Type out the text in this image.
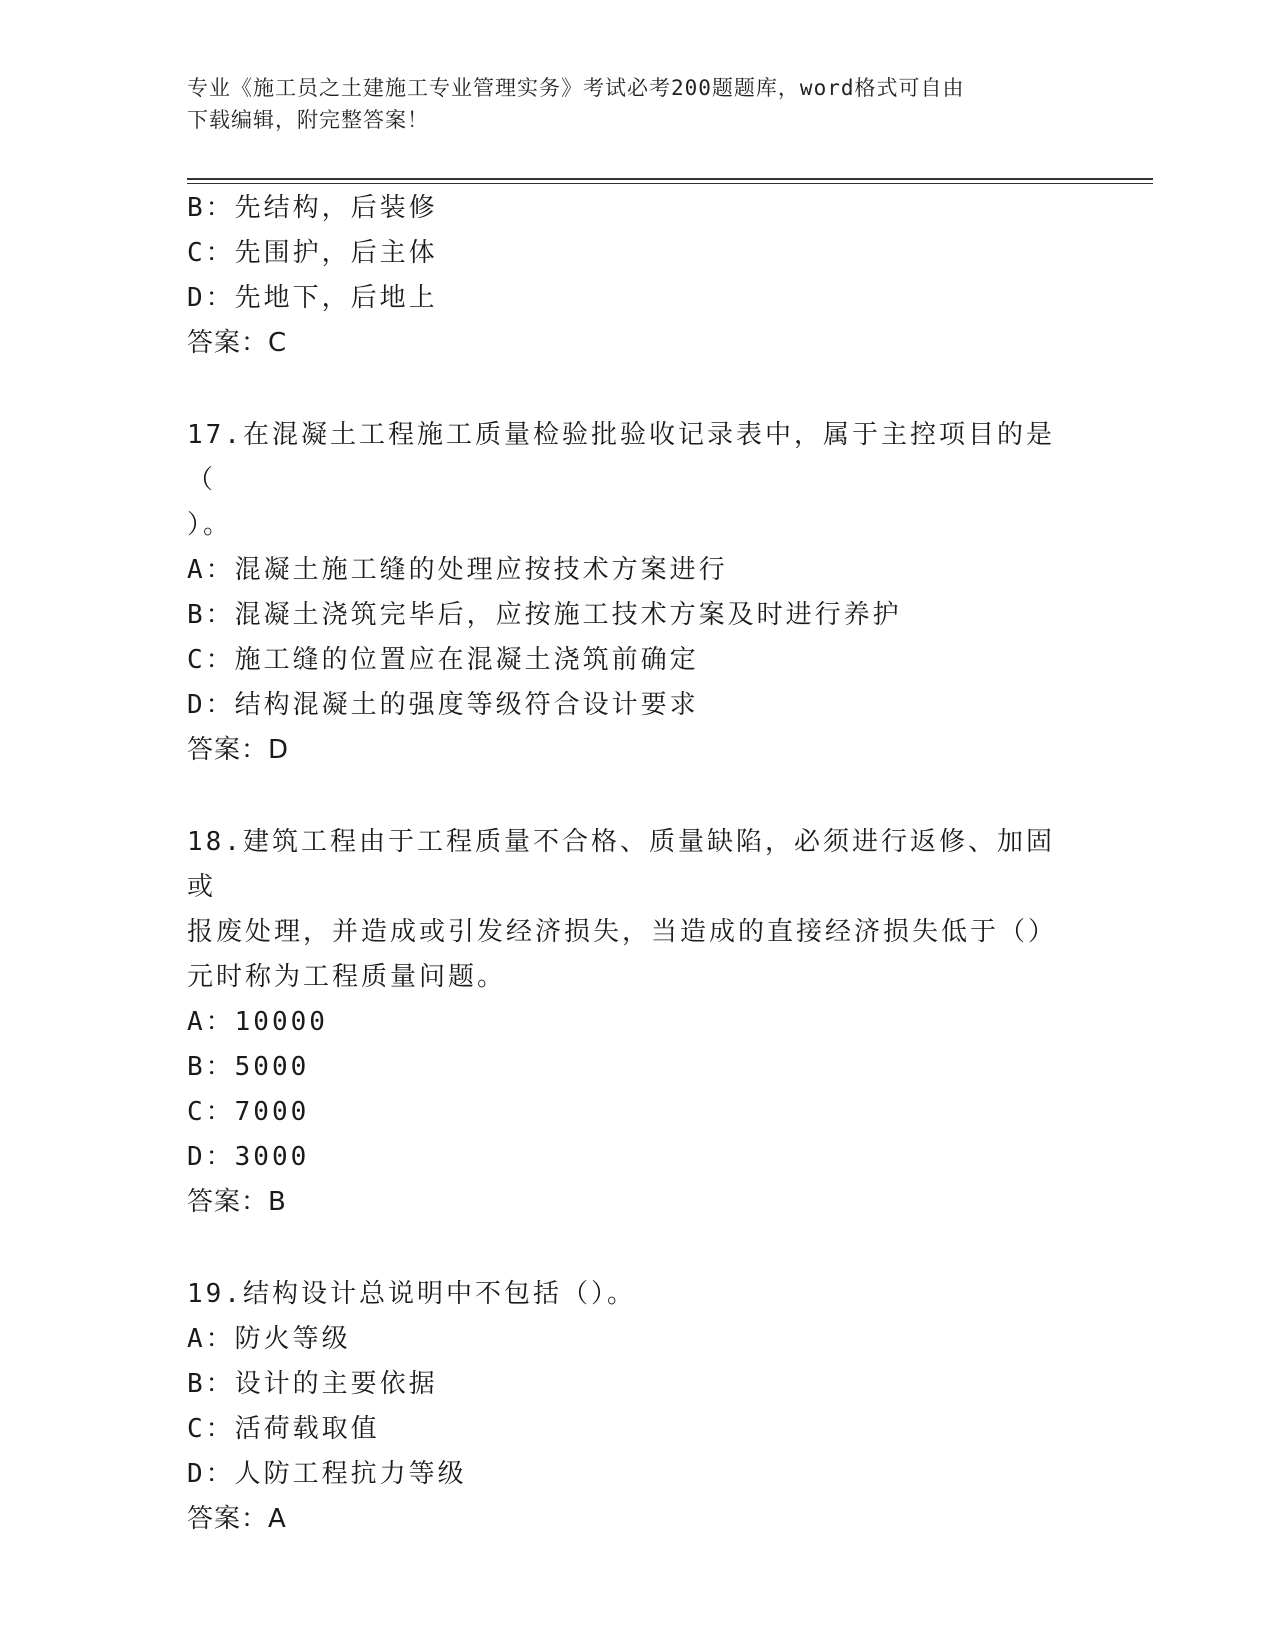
专业《施工员之土建施工专业管理实务》考试必考200题题库，word格式可自由
下载编辑，附完整答案！
B：先结构，后装修
C：先围护，后主体
D：先地下，后地上
答案：C
17.在混凝土工程施工质量检验批验收记录表中，属于主控项目的是（
）。
A：混凝土施工缝的处理应按技术方案进行
B：混凝土浇筑完毕后，应按施工技术方案及时进行养护
C：施工缝的位置应在混凝土浇筑前确定
D：结构混凝土的强度等级符合设计要求
答案：D
18.建筑工程由于工程质量不合格、质量缺陷，必须进行返修、加固或
报废处理，并造成或引发经济损失，当造成的直接经济损失低于（）
元时称为工程质量问题。
A：10000
B：5000
C：7000
D：3000
答案：B
19.结构设计总说明中不包括（）。
A：防火等级
B：设计的主要依据
C：活荷载取值
D：人防工程抗力等级
答案：A
